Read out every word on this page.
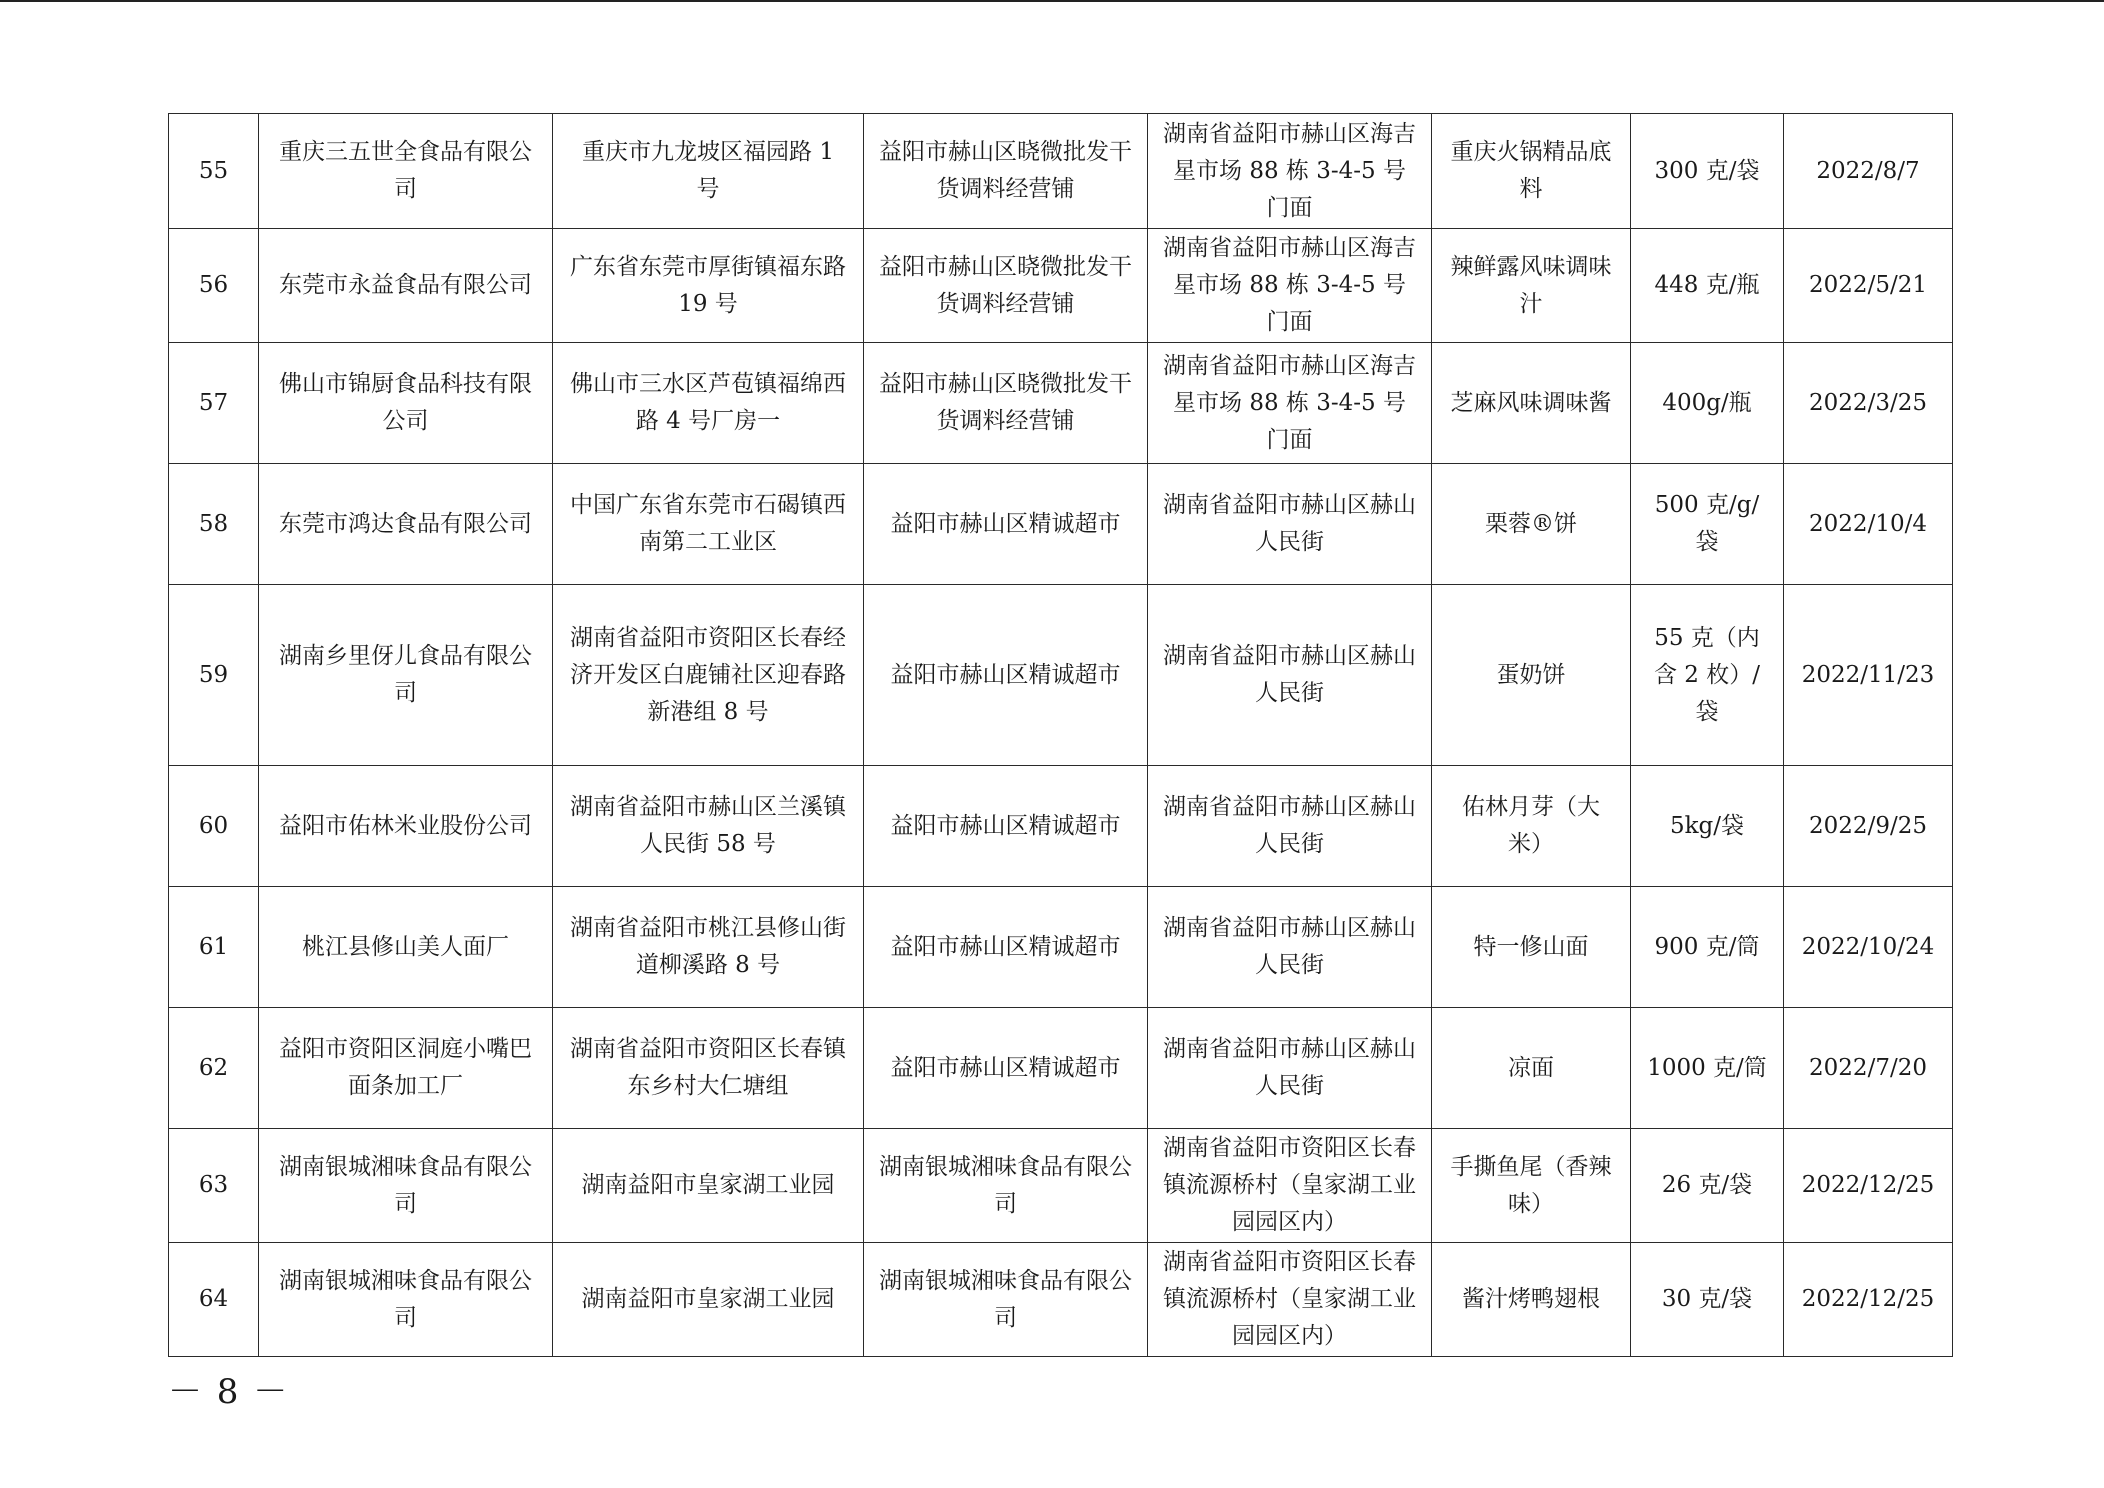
55	重庆三五世全食品有限公司	重庆市九龙坡区福园路 1 号	益阳市赫山区晓微批发干货调料经营铺	湖南省益阳市赫山区海吉星市场 88 栋 3-4-5 号门面	重庆火锅精品底料	300 克/袋	2022/8/7
56	东莞市永益食品有限公司	广东省东莞市厚街镇福东路 19 号	益阳市赫山区晓微批发干货调料经营铺	湖南省益阳市赫山区海吉星市场 88 栋 3-4-5 号门面	辣鲜露风味调味汁	448 克/瓶	2022/5/21
57	佛山市锦厨食品科技有限公司	佛山市三水区芦苞镇福绵西路 4 号厂房一	益阳市赫山区晓微批发干货调料经营铺	湖南省益阳市赫山区海吉星市场 88 栋 3-4-5 号门面	芝麻风味调味酱	400g/瓶	2022/3/25
58	东莞市鸿达食品有限公司	中国广东省东莞市石碣镇西南第二工业区	益阳市赫山区精诚超市	湖南省益阳市赫山区赫山人民街	栗蓉®饼	500 克/g/袋	2022/10/4
59	湖南乡里伢儿食品有限公司	湖南省益阳市资阳区长春经济开发区白鹿铺社区迎春路新港组 8 号	益阳市赫山区精诚超市	湖南省益阳市赫山区赫山人民街	蛋奶饼	55 克（内含 2 枚）/袋	2022/11/23
60	益阳市佑林米业股份公司	湖南省益阳市赫山区兰溪镇人民街 58 号	益阳市赫山区精诚超市	湖南省益阳市赫山区赫山人民街	佑林月芽（大米）	5kg/袋	2022/9/25
61	桃江县修山美人面厂	湖南省益阳市桃江县修山街道柳溪路 8 号	益阳市赫山区精诚超市	湖南省益阳市赫山区赫山人民街	特一修山面	900 克/筒	2022/10/24
62	益阳市资阳区洞庭小嘴巴面条加工厂	湖南省益阳市资阳区长春镇东乡村大仁塘组	益阳市赫山区精诚超市	湖南省益阳市赫山区赫山人民街	凉面	1000 克/筒	2022/7/20
63	湖南银城湘味食品有限公司	湖南益阳市皇家湖工业园	湖南银城湘味食品有限公司	湖南省益阳市资阳区长春镇流源桥村（皇家湖工业园园区内）	手撕鱼尾（香辣味）	26 克/袋	2022/12/25
64	湖南银城湘味食品有限公司	湖南益阳市皇家湖工业园	湖南银城湘味食品有限公司	湖南省益阳市资阳区长春镇流源桥村（皇家湖工业园园区内）	酱汁烤鸭翅根	30 克/袋	2022/12/25
－ 8 －
